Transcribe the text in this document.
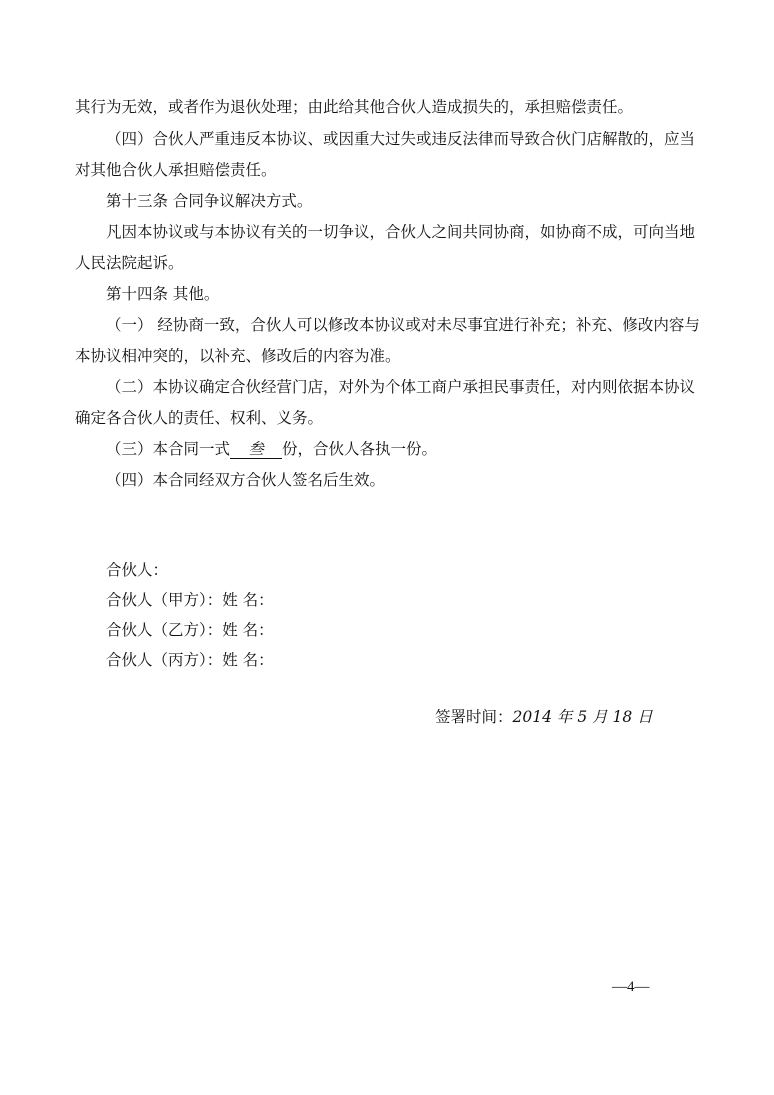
其行为无效，或者作为退伙处理；由此给其他合伙人造成损失的，承担赔偿责任。
（四）合伙人严重违反本协议、或因重大过失或违反法律而导致合伙门店解散的，应当
对其他合伙人承担赔偿责任。
第十三条 合同争议解决方式。
凡因本协议或与本协议有关的一切争议，合伙人之间共同协商，如协商不成，可向当地
人民法院起诉。
第十四条 其他。
（一） 经协商一致，合伙人可以修改本协议或对未尽事宜进行补充；补充、修改内容与
本协议相冲突的，以补充、修改后的内容为准。
（二）本协议确定合伙经营门店，对外为个体工商户承担民事责任，对内则依据本协议
确定各合伙人的责任、权利、义务。
（三）本合同一式 叁 份，合伙人各执一份。
（四）本合同经双方合伙人签名后生效。
合伙人：
合伙人（甲方）：姓 名：
合伙人（乙方）：姓 名：
合伙人（丙方）：姓 名：
签署时间：2014 年 5 月 18 日
—4—
